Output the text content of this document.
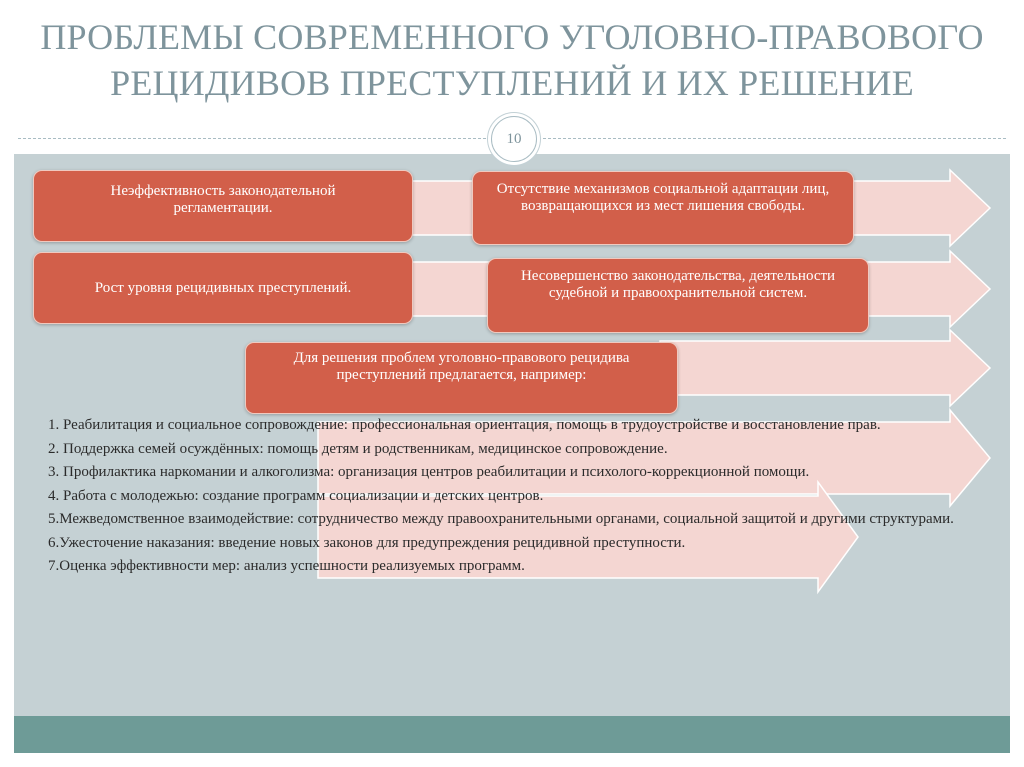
ПРОБЛЕМЫ СОВРЕМЕННОГО УГОЛОВНО-ПРАВОВОГО
РЕЦИДИВОВ ПРЕСТУПЛЕНИЙ И ИХ РЕШЕНИЕ
10
Неэффективность законодательной регламентации.
Отсутствие механизмов социальной адаптации лиц, возвращающихся из мест лишения свободы.
Рост уровня рецидивных преступлений.
Несовершенство законодательства, деятельности судебной и правоохранительной систем.
Для решения проблем уголовно-правового рецидива преступлений предлагается, например:
1. Реабилитация и социальное сопровождение: профессиональная ориентация, помощь в трудоустройстве и восстановление прав.
2. Поддержка семей осуждённых: помощь детям и родственникам, медицинское сопровождение.
3. Профилактика наркомании и алкоголизма: организация центров реабилитации и психолого-коррекционной помощи.
4. Работа с молодежью: создание программ социализации и детских центров.
5.Межведомственное взаимодействие: сотрудничество между правоохранительными органами, социальной защитой и другими структурами.
6.Ужесточение наказания: введение новых законов для предупреждения рецидивной преступности.
7.Оценка эффективности мер: анализ успешности реализуемых программ.
